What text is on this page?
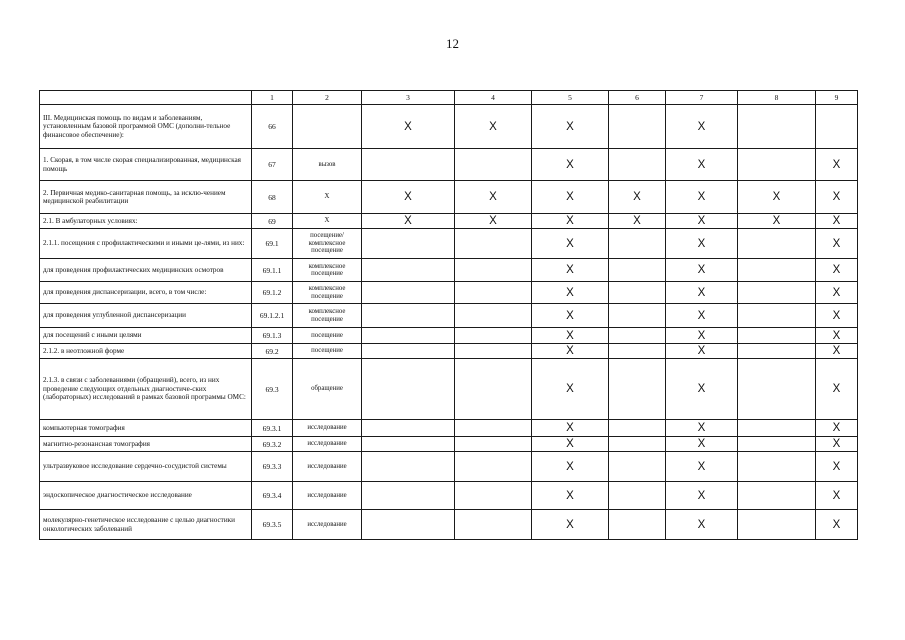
12
	1	2	3	4	5	6	7	8	9
III. Медицинская помощь по видам и заболеваниям, установленным базовой программой ОМС (дополни-тельное финансовое обеспечение):	66		X	X	X		X		
1. Скорая, в том числе скорая специализированная, медицинская помощь	67	вызов			X		X		X
2. Первичная медико-санитарная помощь, за исклю-чением медицинской реабилитации	68	X	X	X	X	X	X	X	X
2.1. В амбулаторных условиях:	69	X	X	X	X	X	X	X	X
2.1.1. посещения с профилактическими и иными це-лями, из них:	69.1	посещение/ комплексное посещение			X		X		X
для проведения профилактических медицинских осмотров	69.1.1	комплексное посещение			X		X		X
для проведения диспансеризации, всего, в том числе:	69.1.2	комплексное посещение			X		X		X
для проведения углубленной диспансеризации	69.1.2.1	комплексное посещение			X		X		X
для посещений с иными целями	69.1.3	посещение			X		X		X
2.1.2. в неотложной форме	69.2	посещение			X		X		X
2.1.3. в связи с заболеваниями (обращений), всего, из них проведение следующих отдельных диагностиче-ских (лабораторных) исследований в рамках базовой программы ОМС:	69.3	обращение			X		X		X
компьютерная томография	69.3.1	исследование			X		X		X
магнитно-резонансная томография	69.3.2	исследование			X		X		X
ультразвуковое исследование сердечно-сосудистой системы	69.3.3	исследование			X		X		X
эндоскопическое диагностическое исследование	69.3.4	исследование			X		X		X
молекулярно-генетическое исследование с целью диагностики онкологических заболеваний	69.3.5	исследование			X		X		X
